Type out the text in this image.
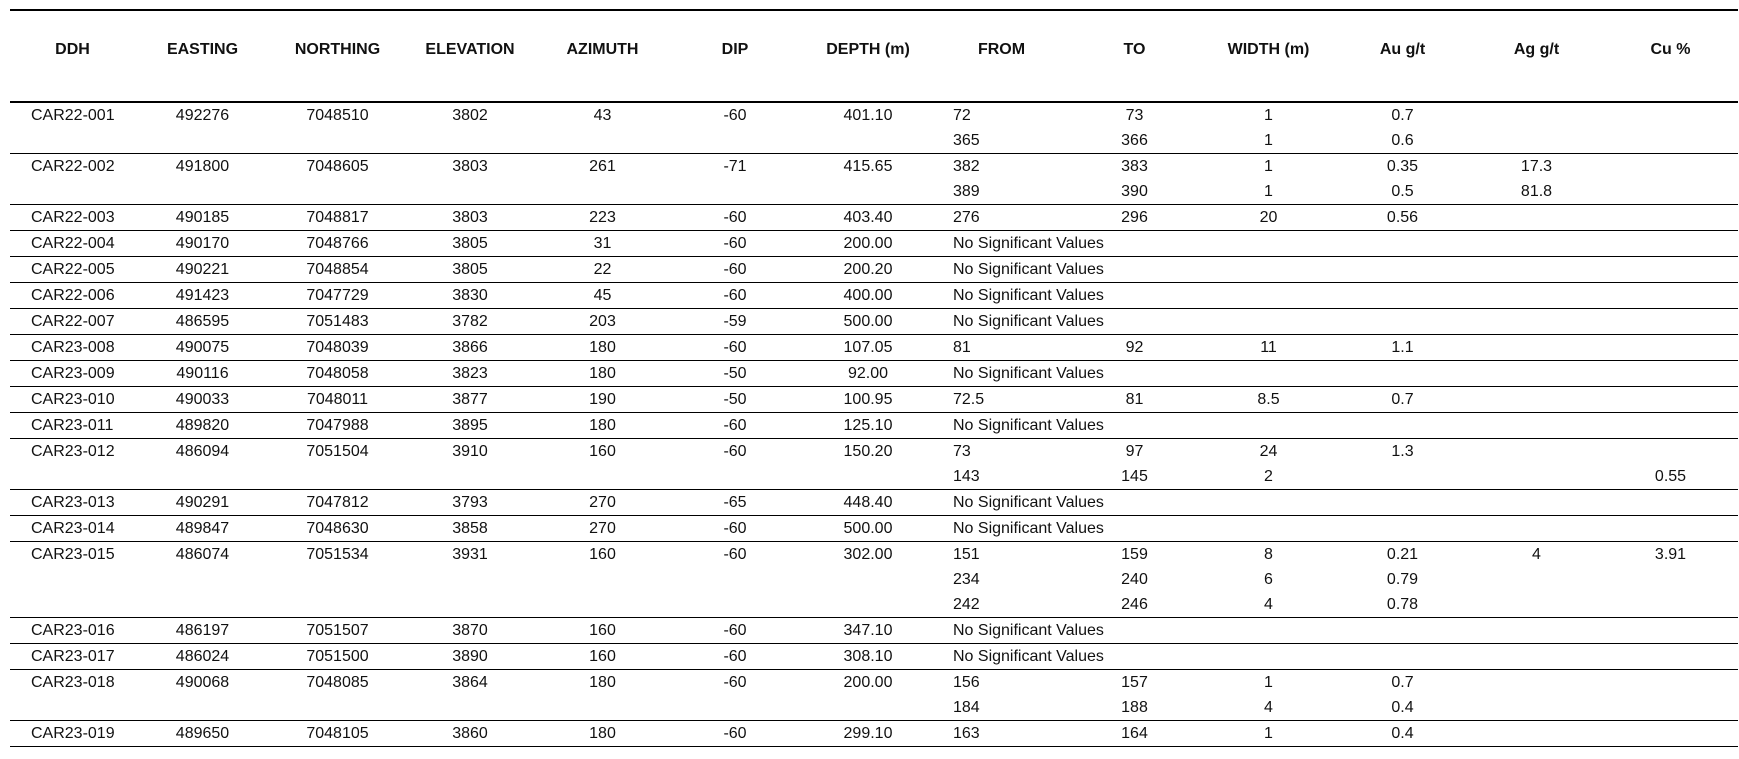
DDH	EASTING	NORTHING	ELEVATION	AZIMUTH	DIP	DEPTH (m)	FROM	TO	WIDTH (m)	Au g/t	Ag g/t	Cu %
CAR22-001	492276	7048510	3802	43	-60	401.10	72	73	1	0.7		
							365	366	1	0.6		
CAR22-002	491800	7048605	3803	261	-71	415.65	382	383	1	0.35	17.3	
							389	390	1	0.5	81.8	
CAR22-003	490185	7048817	3803	223	-60	403.40	276	296	20	0.56		
CAR22-004	490170	7048766	3805	31	-60	200.00	No Significant Values					
CAR22-005	490221	7048854	3805	22	-60	200.20	No Significant Values					
CAR22-006	491423	7047729	3830	45	-60	400.00	No Significant Values					
CAR22-007	486595	7051483	3782	203	-59	500.00	No Significant Values					
CAR23-008	490075	7048039	3866	180	-60	107.05	81	92	11	1.1		
CAR23-009	490116	7048058	3823	180	-50	92.00	No Significant Values					
CAR23-010	490033	7048011	3877	190	-50	100.95	72.5	81	8.5	0.7		
CAR23-011	489820	7047988	3895	180	-60	125.10	No Significant Values					
CAR23-012	486094	7051504	3910	160	-60	150.20	73	97	24	1.3		
							143	145	2			0.55
CAR23-013	490291	7047812	3793	270	-65	448.40	No Significant Values					
CAR23-014	489847	7048630	3858	270	-60	500.00	No Significant Values					
CAR23-015	486074	7051534	3931	160	-60	302.00	151	159	8	0.21	4	3.91
							234	240	6	0.79		
							242	246	4	0.78		
CAR23-016	486197	7051507	3870	160	-60	347.10	No Significant Values					
CAR23-017	486024	7051500	3890	160	-60	308.10	No Significant Values					
CAR23-018	490068	7048085	3864	180	-60	200.00	156	157	1	0.7		
							184	188	4	0.4		
CAR23-019	489650	7048105	3860	180	-60	299.10	163	164	1	0.4		
